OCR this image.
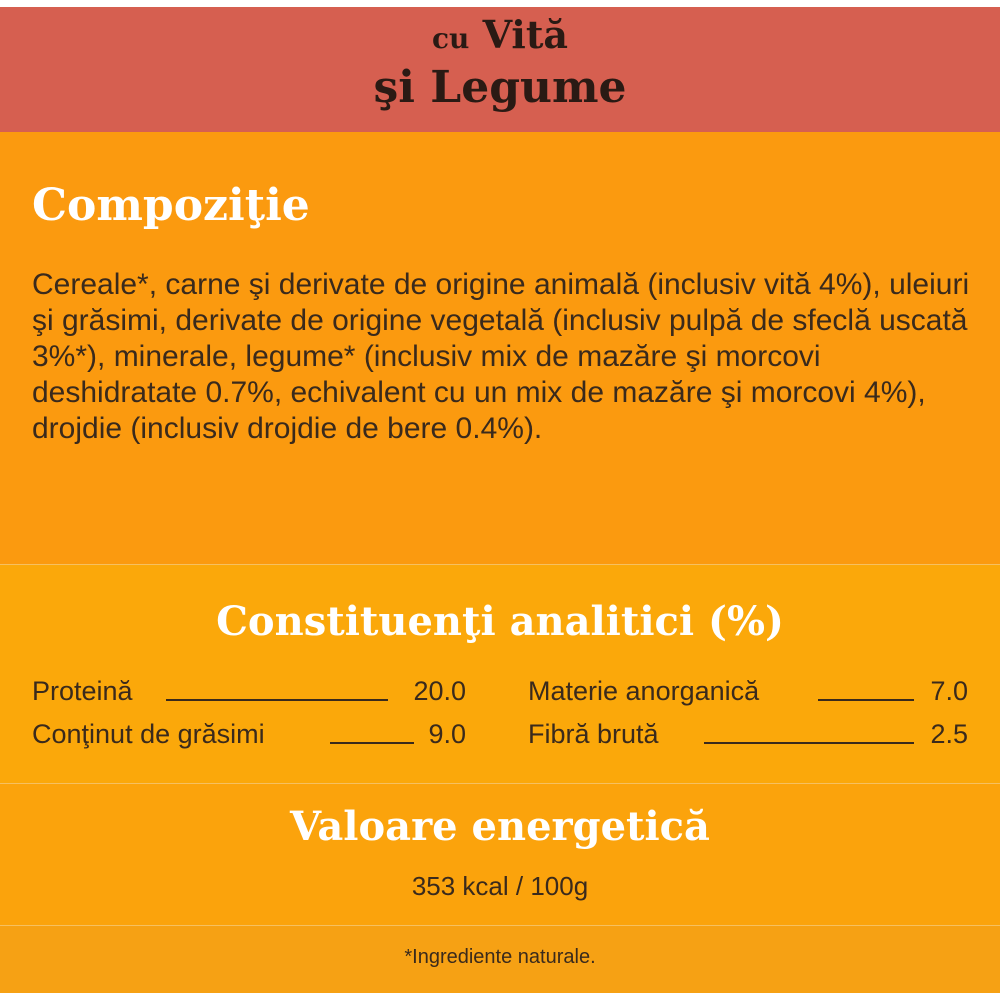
cu Vită
şi Legume
Compoziţie
Cereale*, carne şi derivate de origine animală (inclusiv vită 4%), uleiuri şi grăsimi, derivate de origine vegetală (inclusiv pulpă de sfeclă uscată 3%*), minerale, legume* (inclusiv mix de mazăre şi morcovi deshidratate 0.7%, echivalent cu un mix de mazăre şi morcovi 4%), drojdie (inclusiv drojdie de bere 0.4%).
Constituenţi analitici (%)
Proteină	20.0
Conţinut de grăsimi	9.0
Materie anorganică	7.0
Fibră brută	2.5
Valoare energetică
353 kcal / 100g
*Ingrediente naturale.
